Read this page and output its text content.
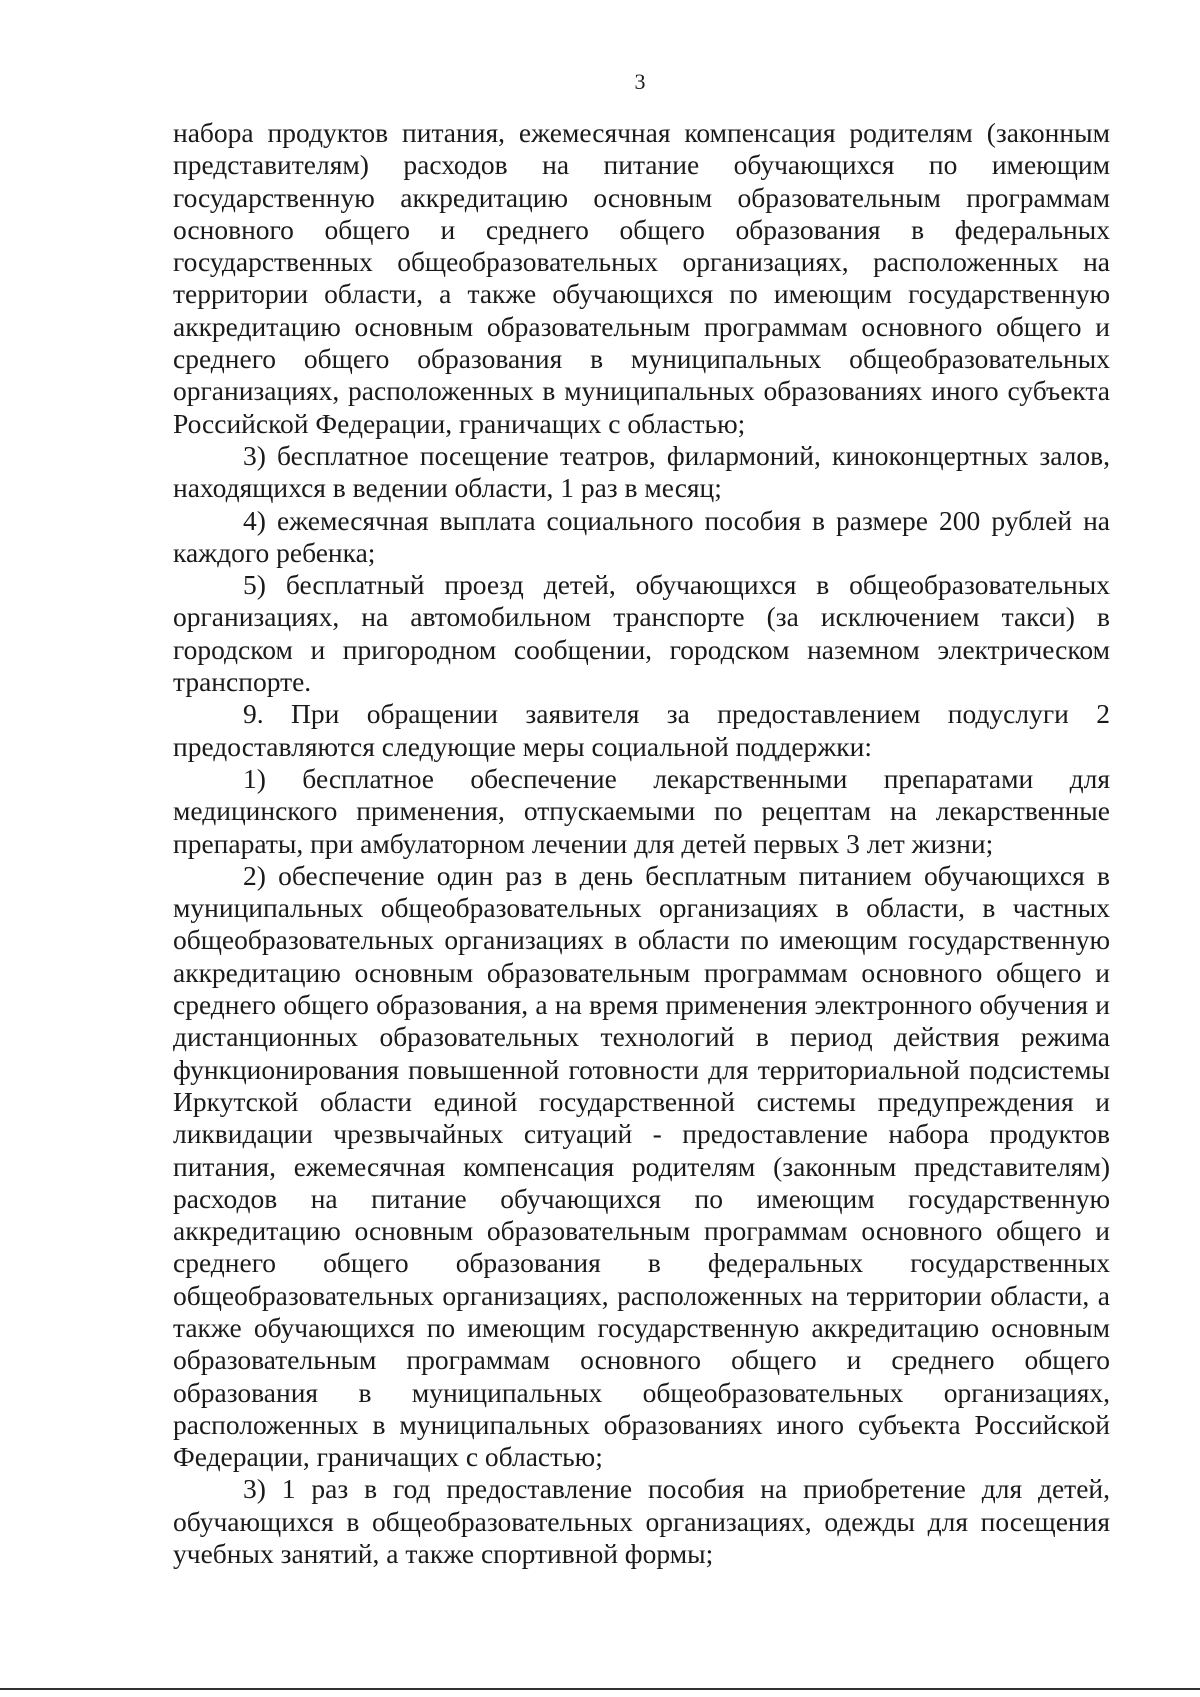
3

набора продуктов питания, ежемесячная компенсация родителям (законным представителям) расходов на питание обучающихся по имеющим государственную аккредитацию основным образовательным программам основного общего и среднего общего образования в федеральных государственных общеобразовательных организациях, расположенных на территории области, а также обучающихся по имеющим государственную аккредитацию основным образовательным программам основного общего и среднего общего образования в муниципальных общеобразовательных организациях, расположенных в муниципальных образованиях иного субъекта Российской Федерации, граничащих с областью;

3) бесплатное посещение театров, филармоний, киноконцертных залов, находящихся в ведении области, 1 раз в месяц;

4) ежемесячная выплата социального пособия в размере 200 рублей на каждого ребенка;

5) бесплатный проезд детей, обучающихся в общеобразовательных организациях, на автомобильном транспорте (за исключением такси) в городском и пригородном сообщении, городском наземном электрическом транспорте.

9. При обращении заявителя за предоставлением подуслуги 2 предоставляются следующие меры социальной поддержки:

1) бесплатное обеспечение лекарственными препаратами для медицинского применения, отпускаемыми по рецептам на лекарственные препараты, при амбулаторном лечении для детей первых 3 лет жизни;

2) обеспечение один раз в день бесплатным питанием обучающихся в муниципальных общеобразовательных организациях в области, в частных общеобразовательных организациях в области по имеющим государственную аккредитацию основным образовательным программам основного общего и среднего общего образования, а на время применения электронного обучения и дистанционных образовательных технологий в период действия режима функционирования повышенной готовности для территориальной подсистемы Иркутской области единой государственной системы предупреждения и ликвидации чрезвычайных ситуаций - предоставление набора продуктов питания, ежемесячная компенсация родителям (законным представителям) расходов на питание обучающихся по имеющим государственную аккредитацию основным образовательным программам основного общего и среднего общего образования в федеральных государственных общеобразовательных организациях, расположенных на территории области, а также обучающихся по имеющим государственную аккредитацию основным образовательным программам основного общего и среднего общего образования в муниципальных общеобразовательных организациях, расположенных в муниципальных образованиях иного субъекта Российской Федерации, граничащих с областью;

3) 1 раз в год предоставление пособия на приобретение для детей, обучающихся в общеобразовательных организациях, одежды для посещения учебных занятий, а также спортивной формы;
